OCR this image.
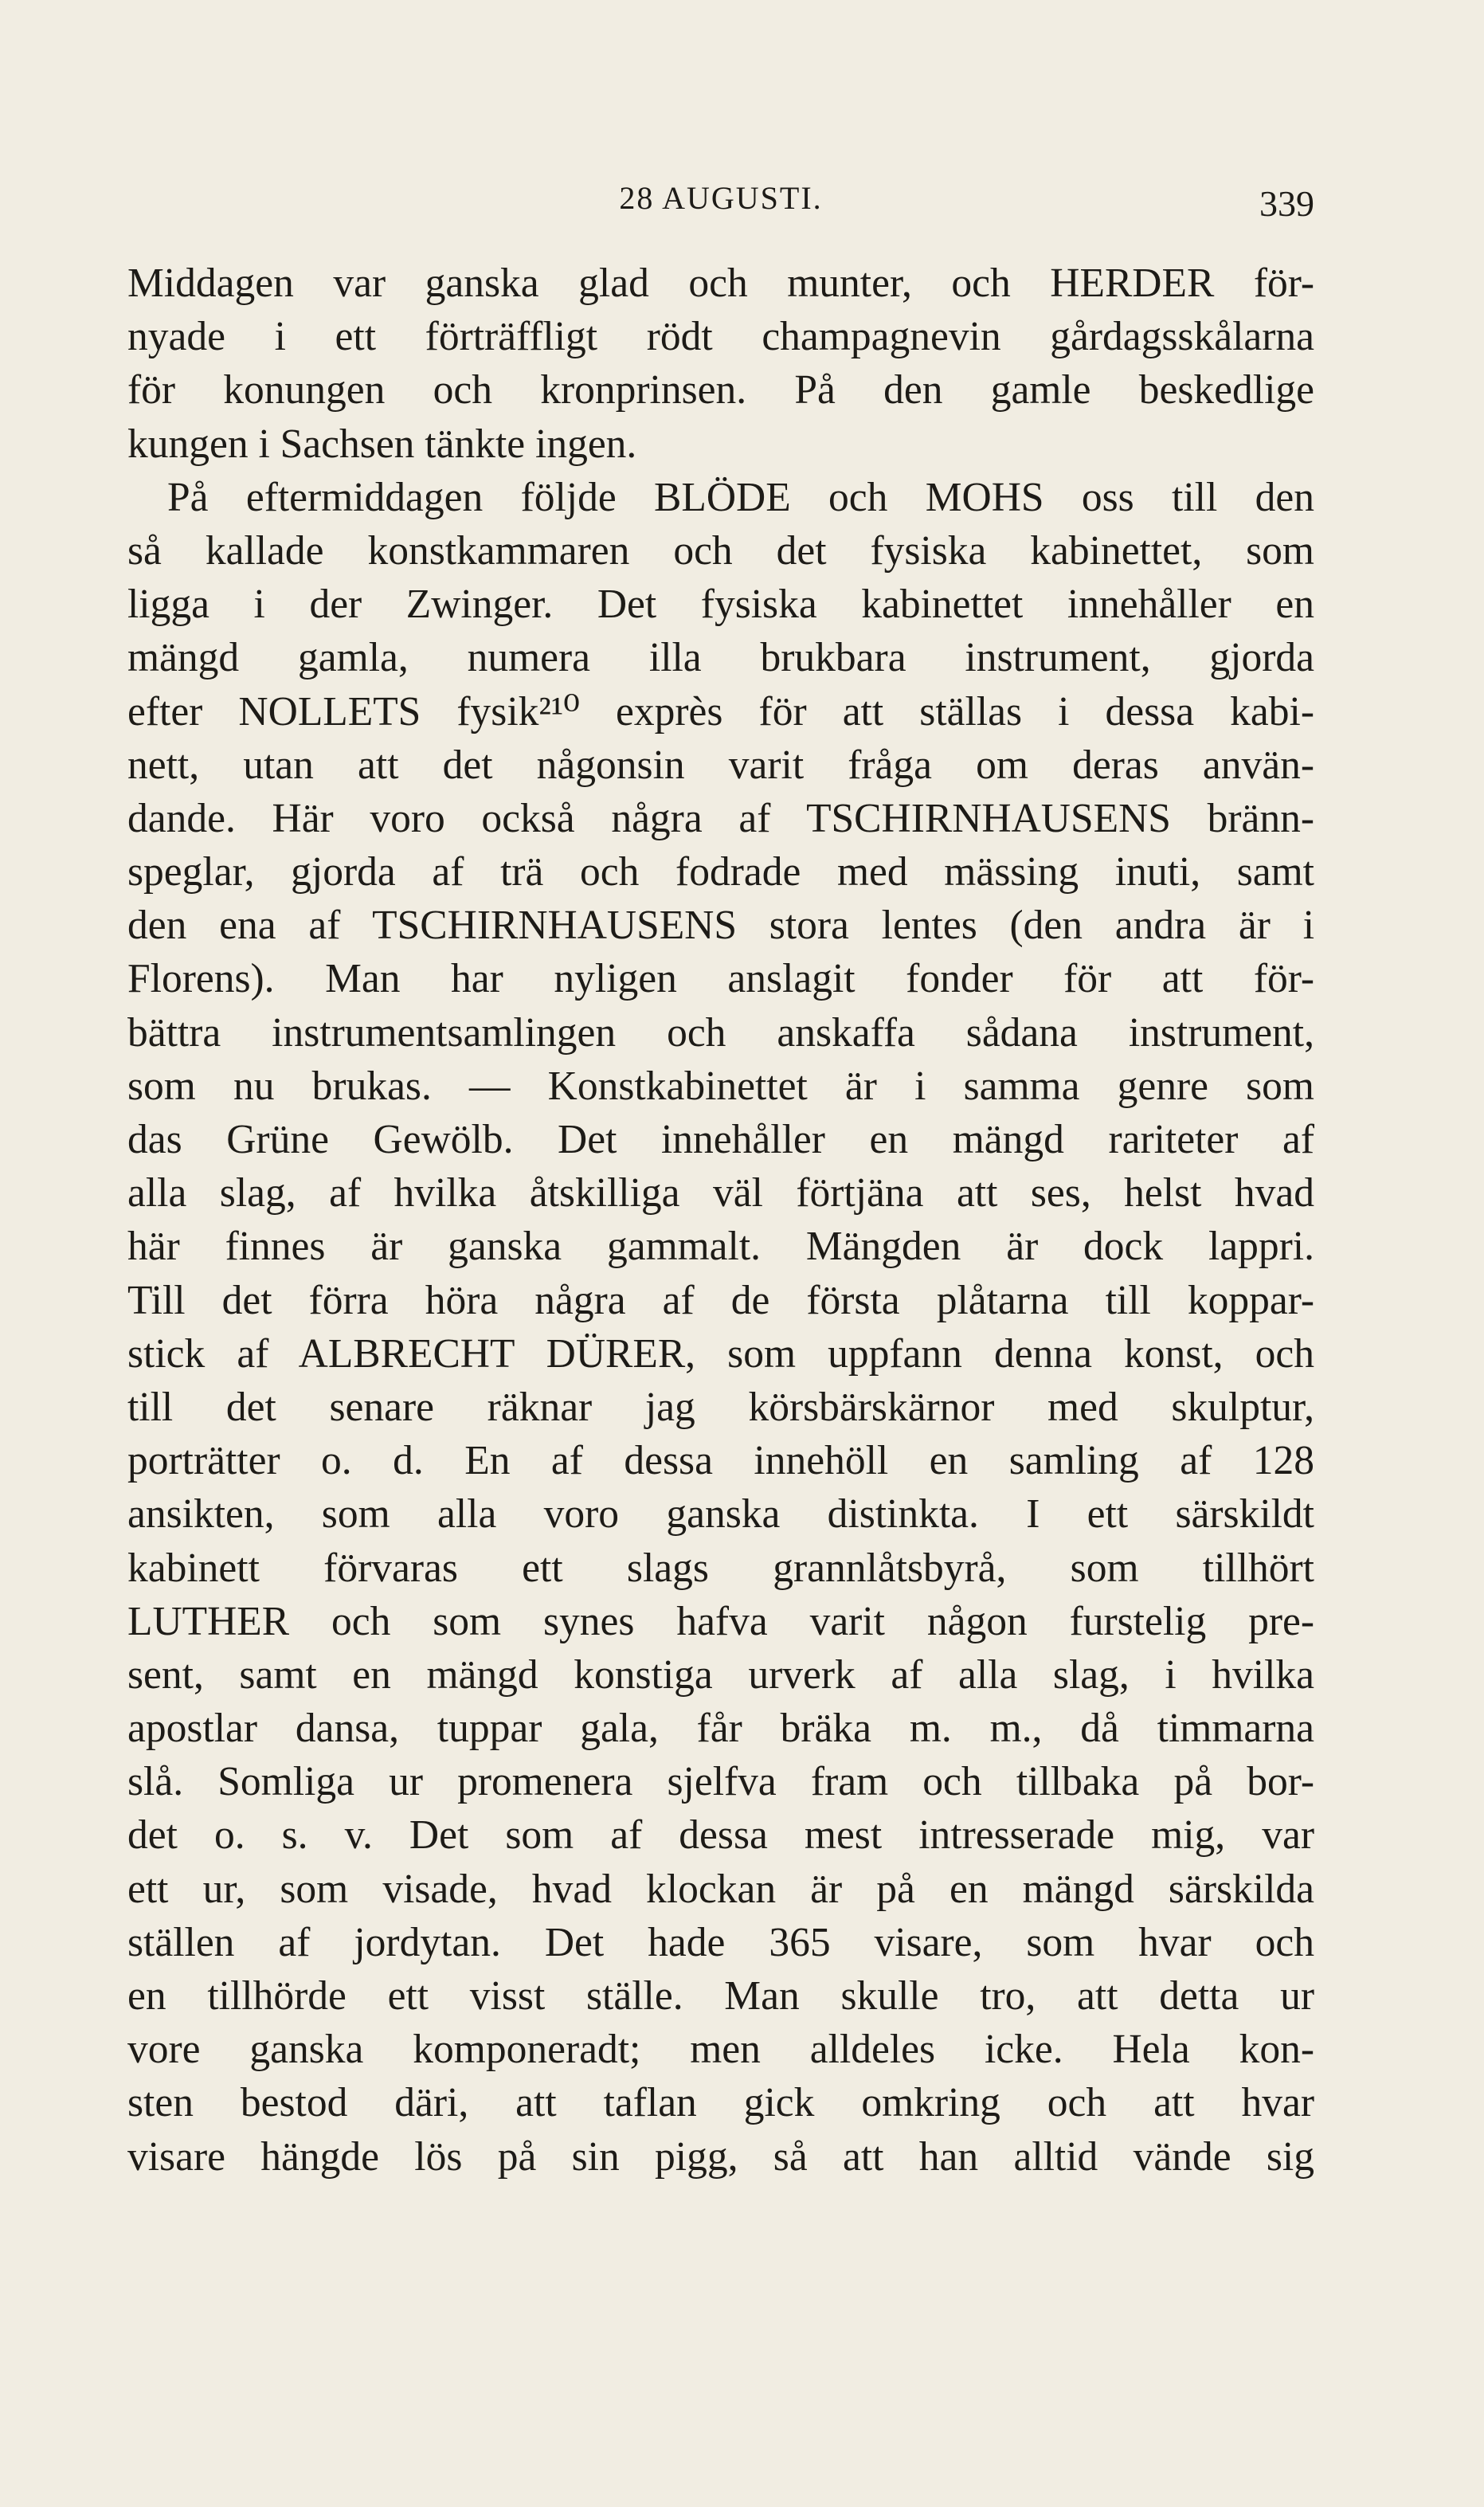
28 AUGUSTI.	339
Middagen var ganska glad och munter, och HERDER för-
nyade i ett förträffligt rödt champagnevin gårdagsskålarna
för konungen och kronprinsen. På den gamle beskedlige
kungen i Sachsen tänkte ingen.
På eftermiddagen följde BLÖDE och MOHS oss till den
så kallade konstkammaren och det fysiska kabinettet, som
ligga i der Zwinger. Det fysiska kabinettet innehåller en
mängd gamla, numera illa brukbara instrument, gjorda
efter NOLLETS fysik²¹⁰ exprès för att ställas i dessa kabi-
nett, utan att det någonsin varit fråga om deras använ-
dande. Här voro också några af TSCHIRNHAUSENS bränn-
speglar, gjorda af trä och fodrade med mässing inuti, samt
den ena af TSCHIRNHAUSENS stora lentes (den andra är i
Florens). Man har nyligen anslagit fonder för att för-
bättra instrumentsamlingen och anskaffa sådana instrument,
som nu brukas. — Konstkabinettet är i samma genre som
das Grüne Gewölb. Det innehåller en mängd rariteter af
alla slag, af hvilka åtskilliga väl förtjäna att ses, helst hvad
här finnes är ganska gammalt. Mängden är dock lappri.
Till det förra höra några af de första plåtarna till koppar-
stick af ALBRECHT DÜRER, som uppfann denna konst, och
till det senare räknar jag körsbärskärnor med skulptur,
porträtter o. d. En af dessa innehöll en samling af 128
ansikten, som alla voro ganska distinkta. I ett särskildt
kabinett förvaras ett slags grannlåtsbyrå, som tillhört
LUTHER och som synes hafva varit någon furstelig pre-
sent, samt en mängd konstiga urverk af alla slag, i hvilka
apostlar dansa, tuppar gala, får bräka m. m., då timmarna
slå. Somliga ur promenera sjelfva fram och tillbaka på bor-
det o. s. v. Det som af dessa mest intresserade mig, var
ett ur, som visade, hvad klockan är på en mängd särskilda
ställen af jordytan. Det hade 365 visare, som hvar och
en tillhörde ett visst ställe. Man skulle tro, att detta ur
vore ganska komponeradt; men alldeles icke. Hela kon-
sten bestod däri, att taflan gick omkring och att hvar
visare hängde lös på sin pigg, så att han alltid vände sig
